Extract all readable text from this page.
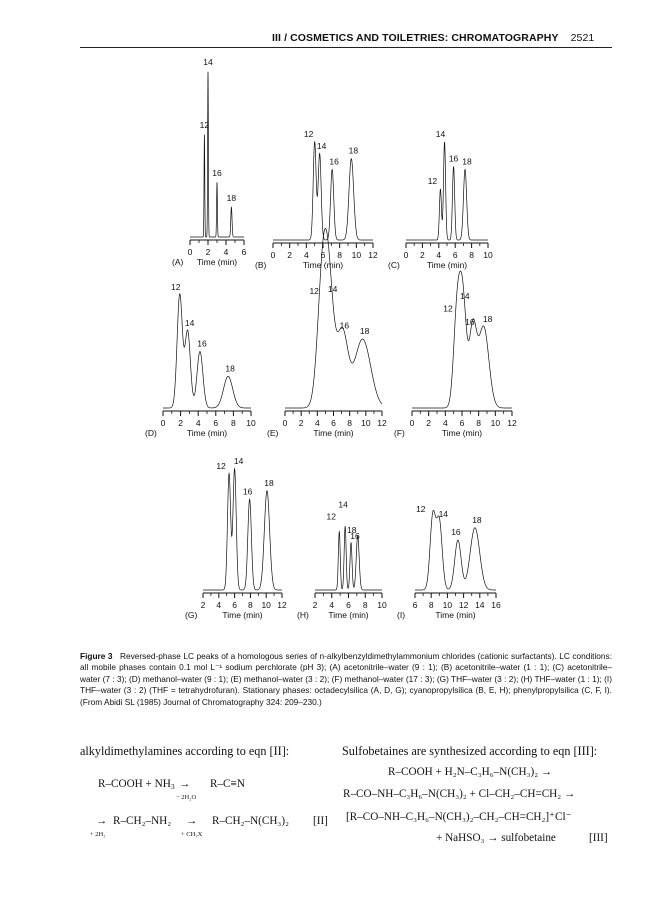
III / COSMETICS AND TOILETRIES: CHROMATOGRAPHY 2521
0 2 4 6
(A) Time (min)
12
14
16
18
0 2 4 6 8 10 12
(B)	Time (min)
12
14
16
18
0 2 4 6 8 10
(C)	Time (min)
12
14
16 18
0 2 4 6 8 10
(D)	Time (min)
12
14
16
18
0 2 4 6 8 10 12
(E)	Time (min)
12 14
16
18
0 2 4 6 8 10 12
(F)	Time (min)
12
14
16 18
2 4 6 8 10 12
(G)	Time (min)
12 14
16
18
2 4 6 8 10
(H) Time (min)
12
14
16
18
6 8 10 12 14 16
(I)	Time (min)
12 14
16
18
Figure 3 Reversed-phase LC peaks of a homologous series of n-alkylbenzyldimethylammonium chlorides (cationic surfactants). LC conditions: all mobile phases contain 0.1 mol L⁻¹ sodium perchlorate (pH 3); (A) acetonitrile–water (9 : 1); (B) acetonitrile–water (1 : 1); (C) acetonitrile–water (7 : 3); (D) methanol–water (9 : 1); (E) methanol–water (3 : 2); (F) methanol–water (17 : 3); (G) THF–water (3 : 2); (H) THF–water (1 : 1); (I) THF–water (3 : 2) (THF = tetrahydrofuran). Stationary phases: octadecylsilica (A, D, G); cyanopropylsilica (B, E, H); phenylpropylsilica (C, F, I). (From Abidi SL (1985) Journal of Chromatography 324: 209–230.)
alkyldimethylamines according to eqn [II]:
R–COOH + $NH_3 \to R-C\equiv N$
− 2H₂O
→ R–CH₂–NH₂ → R–CH₂–N(CH₃)₂ [II]
+ 2H₂	+ CH₃X
Sulfobetaines are synthesized according to eqn [III]:
R–COOH + H₂N–C₃H₆–N(CH₃)₂ →
R–CO–NH–C₃H₆–N(CH₃)₂ + Cl–CH₂–CH=CH₂ →
[R–CO–NH–C₃H₆–N(CH₃)₂–CH₂–CH=CH₂]⁺Cl⁻
+ NaHSO₃ → sulfobetaine	[III]
